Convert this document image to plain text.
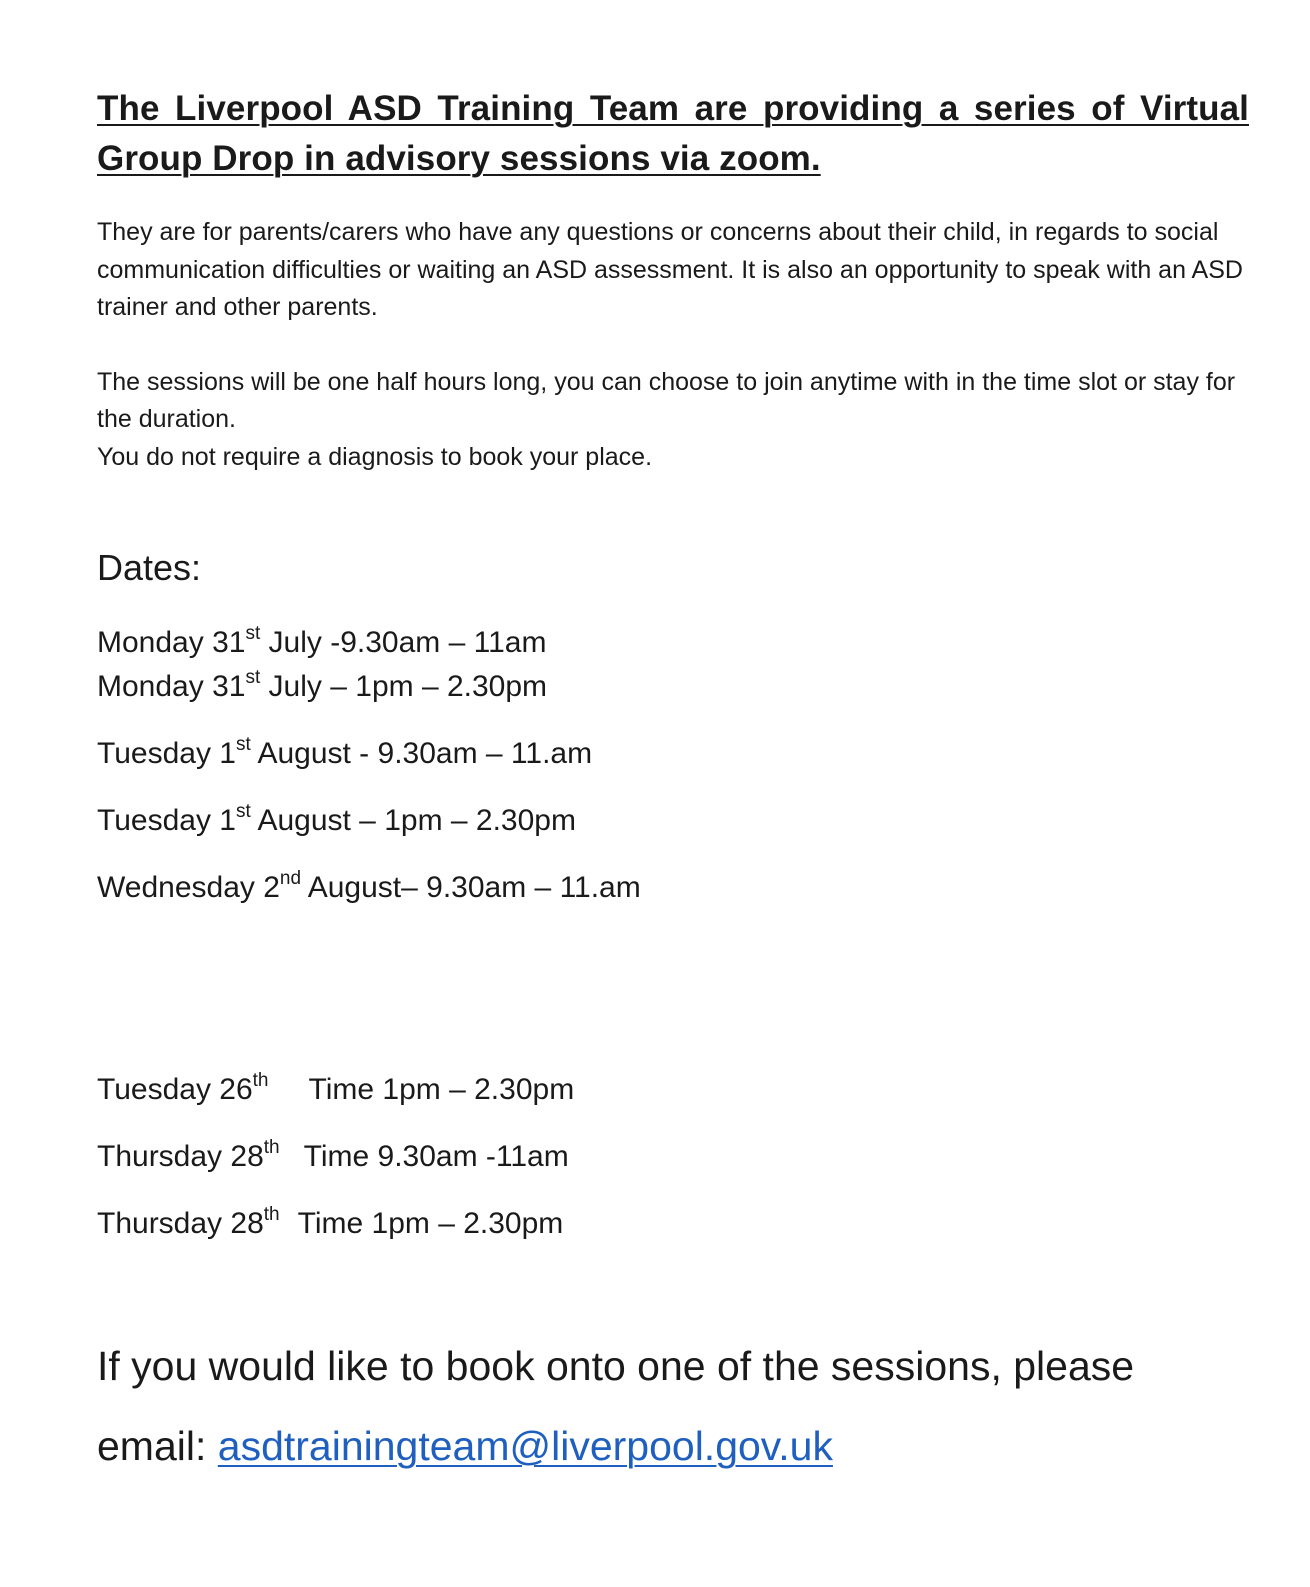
The Liverpool ASD Training Team are providing a series of Virtual Group Drop in advisory sessions via zoom.

They are for parents/carers who have any questions or concerns about their child, in regards to social communication difficulties or waiting an ASD assessment. It is also an opportunity to speak with an ASD trainer and other parents.

The sessions will be one half hours long, you can choose to join anytime with in the time slot or stay for the duration.
You do not require a diagnosis to book your place.

Dates:

Monday 31st July -9.30am – 11am

Monday 31st July – 1pm – 2.30pm

Tuesday 1st August - 9.30am – 11.am

Tuesday 1st August – 1pm – 2.30pm

Wednesday 2nd August– 9.30am – 11.am

Tuesday 26th Time 1pm – 2.30pm

Thursday 28th Time 9.30am -11am

Thursday 28th Time 1pm – 2.30pm

If you would like to book onto one of the sessions, please
email: asdtrainingteam@liverpool.gov.uk
